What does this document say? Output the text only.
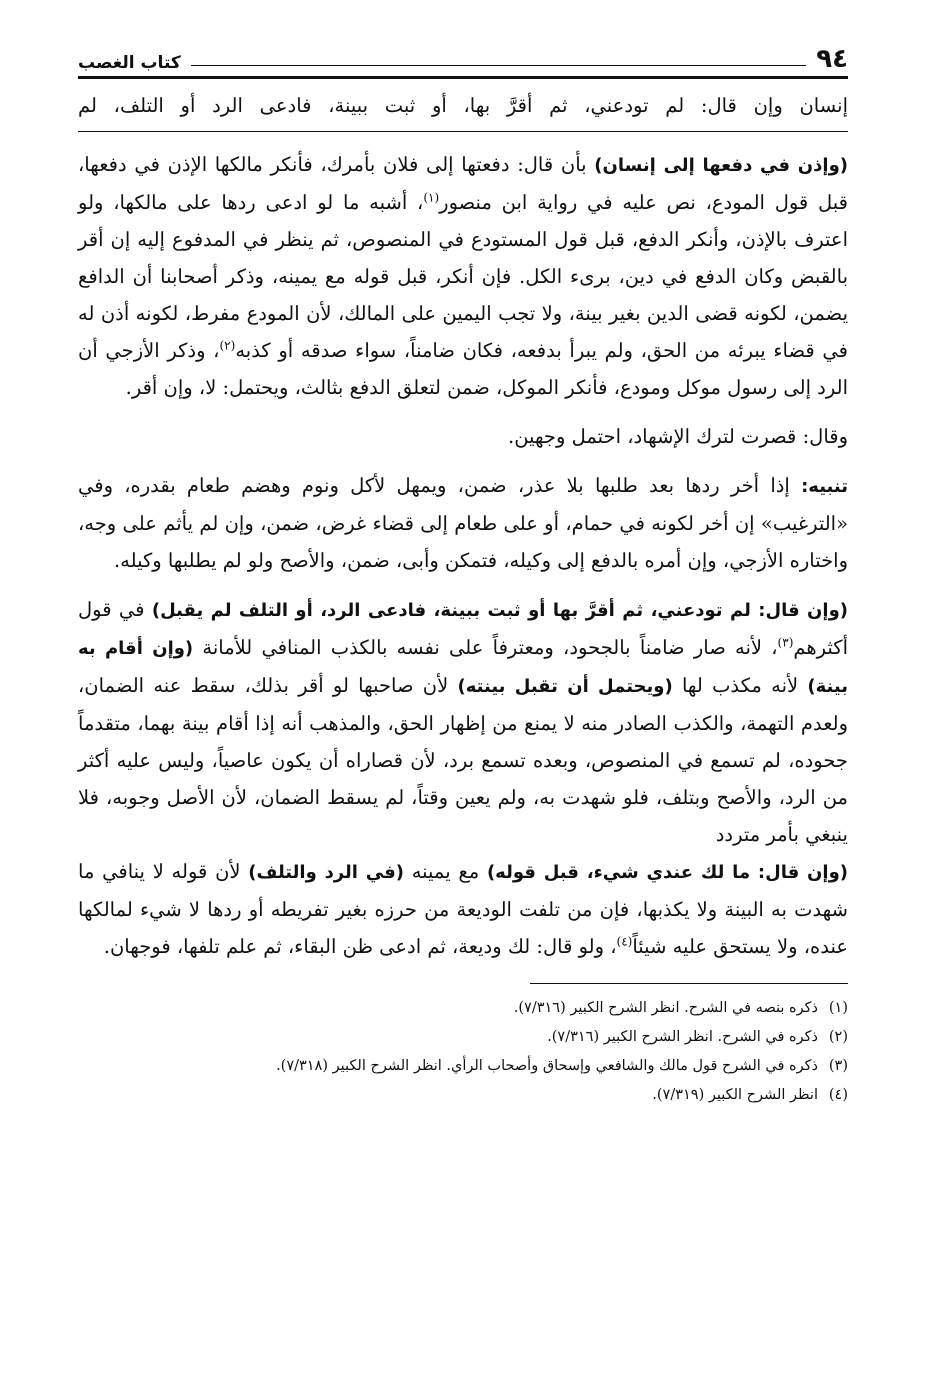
٩٤
كتاب الغصب
إنسان وإن قال: لم تودعني، ثم أقرَّ بها، أو ثبت ببينة، فادعى الرد أو التلف، لم

(وإذن في دفعها إلى إنسان) بأن قال: دفعتها إلى فلان بأمرك، فأنكر مالكها الإذن في دفعها، قبل قول المودع، نص عليه في رواية ابن منصور$^{(١)}$، أشبه ما لو ادعى ردها على مالكها، ولو اعترف بالإذن، وأنكر الدفع، قبل قول المستودع في المنصوص، ثم ينظر في المدفوع إليه إن أقر بالقبض وكان الدفع في دين، برىء الكل. فإن أنكر، قبل قوله مع يمينه، وذكر أصحابنا أن الدافع يضمن، لكونه قضى الدين بغير بينة، ولا تجب اليمين على المالك، لأن المودع مفرط، لكونه أذن له في قضاء يبرئه من الحق، ولم يبرأ بدفعه، فكان ضامناً، سواء صدقه أو كذبه$^{(٢)}$، وذكر الأزجي أن الرد إلى رسول موكل ومودع، فأنكر الموكل، ضمن لتعلق الدفع بثالث، ويحتمل: لا، وإن أقر.

وقال: قصرت لترك الإشهاد، احتمل وجهين.

تنبيه: إذا أخر ردها بعد طلبها بلا عذر، ضمن، ويمهل لأكل ونوم وهضم طعام بقدره، وفي «الترغيب» إن أخر لكونه في حمام، أو على طعام إلى قضاء غرض، ضمن، وإن لم يأثم على وجه، واختاره الأزجي، وإن أمره بالدفع إلى وكيله، فتمكن وأبى، ضمن، والأصح ولو لم يطلبها وكيله.

(وإن قال: لم تودعني، ثم أقرَّ بها أو ثبت ببينة، فادعى الرد، أو التلف لم يقبل) في قول أكثرهم$^{(٣)}$، لأنه صار ضامناً بالجحود، ومعترفاً على نفسه بالكذب المنافي للأمانة (وإن أقام به بينة) لأنه مكذب لها (ويحتمل أن تقبل بينته) لأن صاحبها لو أقر بذلك، سقط عنه الضمان، ولعدم التهمة، والكذب الصادر منه لا يمنع من إظهار الحق، والمذهب أنه إذا أقام بينة بهما، متقدماً جحوده، لم تسمع في المنصوص، وبعده تسمع برد، لأن قصاراه أن يكون عاصياً، وليس عليه أكثر من الرد، والأصح وبتلف، فلو شهدت به، ولم يعين وقتاً، لم يسقط الضمان، لأن الأصل وجوبه، فلا ينبغي بأمر متردد

(وإن قال: ما لك عندي شيء، قبل قوله) مع يمينه (في الرد والتلف) لأن قوله لا ينافي ما شهدت به البينة ولا يكذبها، فإن من تلفت الوديعة من حرزه بغير تفريطه أو ردها لا شيء لمالكها عنده، ولا يستحق عليه شيئاً$^{(٤)}$، ولو قال: لك وديعة، ثم ادعى ظن البقاء، ثم علم تلفها، فوجهان.

(١)ذكره بنصه في الشرح. انظر الشرح الكبير (٧/٣١٦).
(٢)ذكره في الشرح. انظر الشرح الكبير (٧/٣١٦).
(٣)ذكره في الشرح قول مالك والشافعي وإسحاق وأصحاب الرأي. انظر الشرح الكبير (٧/٣١٨).
(٤)انظر الشرح الكبير (٧/٣١٩).
